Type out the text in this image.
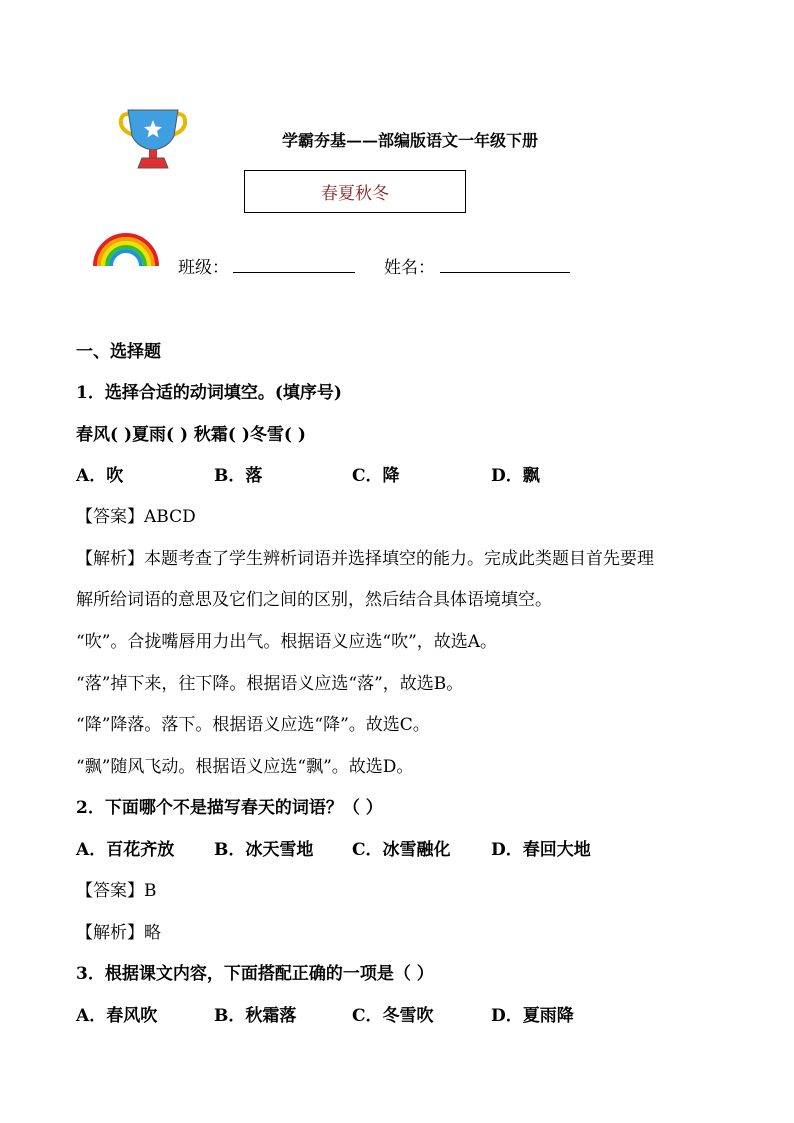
学霸夯基——部编版语文一年级下册
春夏秋冬
班级：	姓名：
一、选择题
1．选择合适的动词填空。(填序号)
春风( )夏雨( ) 秋霜( )冬雪( )
A．吹	B．落	C．降	D．飘
【答案】ABCD
【解析】本题考查了学生辨析词语并选择填空的能力。完成此类题目首先要理
解所给词语的意思及它们之间的区别，然后结合具体语境填空。
“吹”。合拢嘴唇用力出气。根据语义应选“吹”，故选A。
“落”掉下来，往下降。根据语义应选“落”，故选B。
“降”降落。落下。根据语义应选“降”。故选C。
“飘”随风飞动。根据语义应选“飘”。故选D。
2．下面哪个不是描写春天的词语？（ ）
A．百花齐放 B．冰天雪地 C．冰雪融化 D．春回大地
【答案】B
【解析】略
3．根据课文内容，下面搭配正确的一项是（ ）
A．春风吹	B．秋霜落	C．冬雪吹	D．夏雨降
